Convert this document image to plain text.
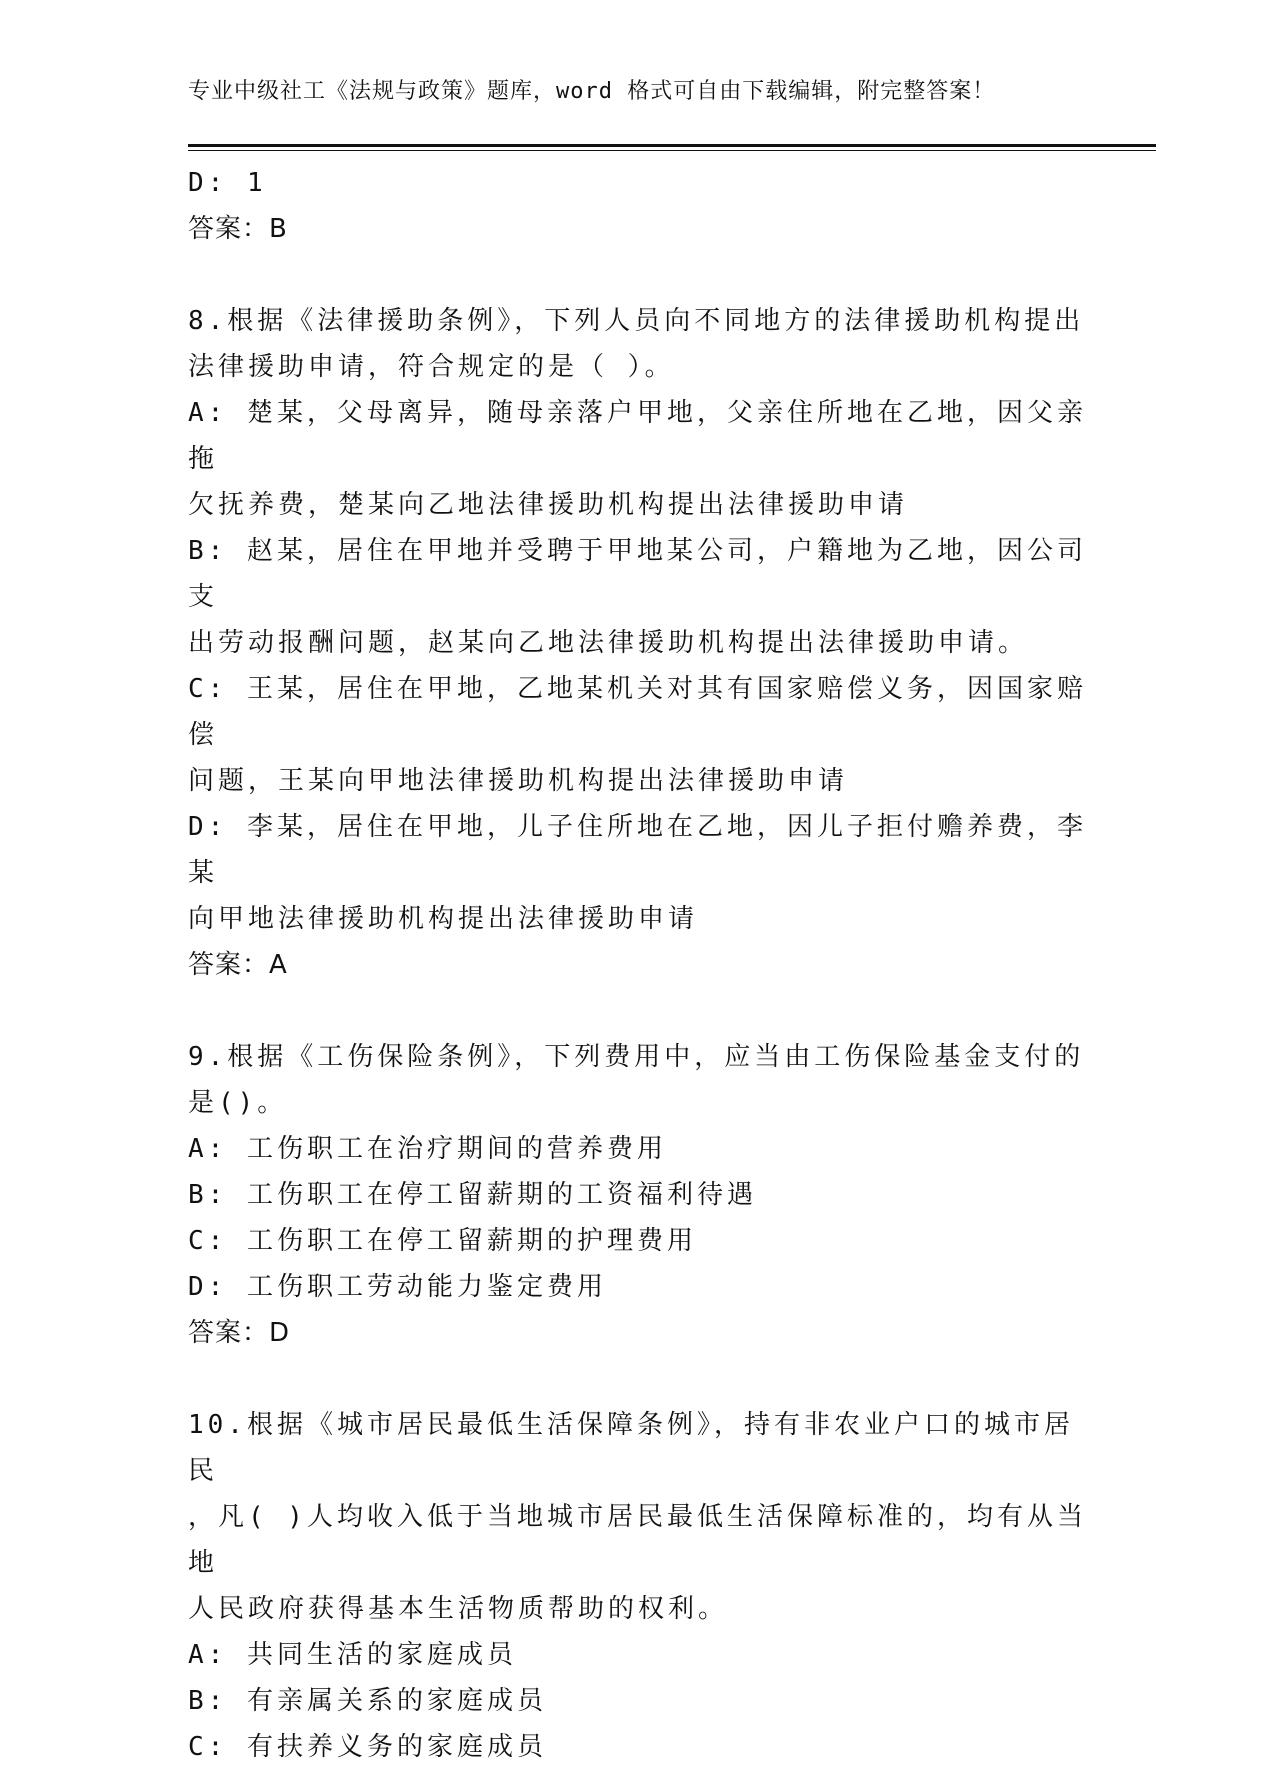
专业中级社工《法规与政策》题库，word 格式可自由下载编辑，附完整答案！

D: 1

答案：B

8.根据《法律援助条例》，下列人员向不同地方的法律援助机构提出

法律援助申请，符合规定的是（ ）。

A: 楚某，父母离异，随母亲落户甲地，父亲住所地在乙地，因父亲拖

欠抚养费，楚某向乙地法律援助机构提出法律援助申请

B: 赵某，居住在甲地并受聘于甲地某公司，户籍地为乙地，因公司支

出劳动报酬问题，赵某向乙地法律援助机构提出法律援助申请。

C: 王某，居住在甲地，乙地某机关对其有国家赔偿义务，因国家赔偿

问题，王某向甲地法律援助机构提出法律援助申请

D: 李某，居住在甲地，儿子住所地在乙地，因儿子拒付赡养费，李某

向甲地法律援助机构提出法律援助申请

答案：A

9.根据《工伤保险条例》，下列费用中，应当由工伤保险基金支付的

是()。

A: 工伤职工在治疗期间的营养费用

B: 工伤职工在停工留薪期的工资福利待遇

C: 工伤职工在停工留薪期的护理费用

D: 工伤职工劳动能力鉴定费用

答案：D

10.根据《城市居民最低生活保障条例》，持有非农业户口的城市居民

，凡( )人均收入低于当地城市居民最低生活保障标准的，均有从当地

人民政府获得基本生活物质帮助的权利。

A: 共同生活的家庭成员

B: 有亲属关系的家庭成员

C: 有扶养义务的家庭成员
